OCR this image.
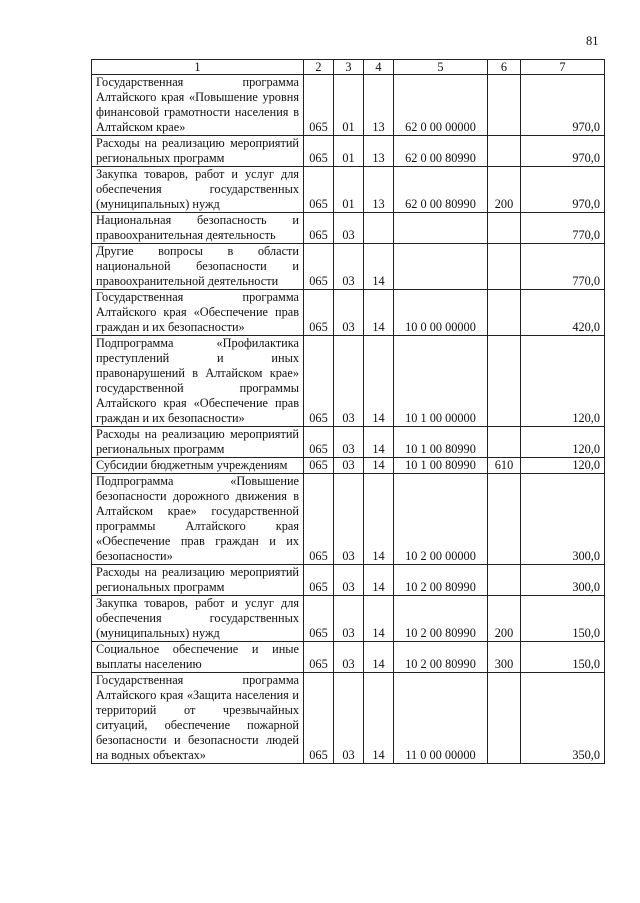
81
1	2	3	4	5	6	7
Государственная программа Алтайского края «Повышение уровня финансовой грамотности населения в Алтайском крае»	065	01	13	62 0 00 00000		970,0
Расходы на реализацию мероприятий региональных программ	065	01	13	62 0 00 80990		970,0
Закупка товаров, работ и услуг для обеспечения государственных (муниципальных) нужд	065	01	13	62 0 00 80990	200	970,0
Национальная безопасность и правоохранительная деятельность	065	03				770,0
Другие вопросы в области национальной безопасности и правоохранительной деятельности	065	03	14			770,0
Государственная программа Алтайского края «Обеспечение прав граждан и их безопасности»	065	03	14	10 0 00 00000		420,0
Подпрограмма «Профилактика преступлений и иных правонарушений в Алтайском крае» государственной программы Алтайского края «Обеспечение прав граждан и их безопасности»	065	03	14	10 1 00 00000		120,0
Расходы на реализацию мероприятий региональных программ	065	03	14	10 1 00 80990		120,0
Субсидии бюджетным учреждениям	065	03	14	10 1 00 80990	610	120,0
Подпрограмма «Повышение безопасности дорожного движения в Алтайском крае» государственной программы Алтайского края «Обеспечение прав граждан и их безопасности»	065	03	14	10 2 00 00000		300,0
Расходы на реализацию мероприятий региональных программ	065	03	14	10 2 00 80990		300,0
Закупка товаров, работ и услуг для обеспечения государственных (муниципальных) нужд	065	03	14	10 2 00 80990	200	150,0
Социальное обеспечение и иные выплаты населению	065	03	14	10 2 00 80990	300	150,0
Государственная программа Алтайского края «Защита населения и территорий от чрезвычайных ситуаций, обеспечение пожарной безопасности и безопасности людей на водных объектах»	065	03	14	11 0 00 00000		350,0
